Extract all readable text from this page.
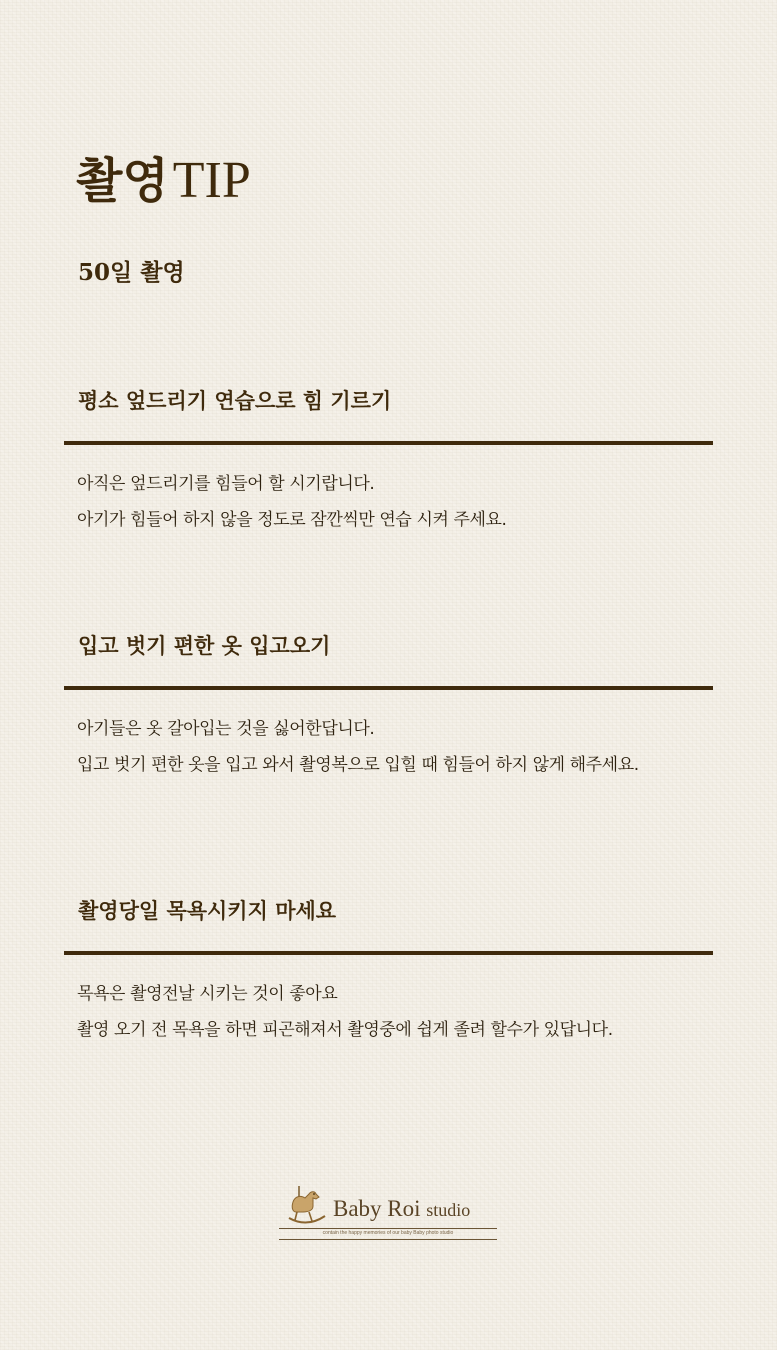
촬영TIP
50일 촬영
평소 엎드리기 연습으로 힘 기르기

아직은 엎드리기를 힘들어 할 시기랍니다.

아기가 힘들어 하지 않을 정도로 잠깐씩만 연습 시켜 주세요.

입고 벗기 편한 옷 입고오기

아기들은 옷 갈아입는 것을 싫어한답니다.

입고 벗기 편한 옷을 입고 와서 촬영복으로 입힐 때 힘들어 하지 않게 해주세요.

촬영당일 목욕시키지 마세요

목욕은 촬영전날 시키는 것이 좋아요

촬영 오기 전 목욕을 하면 피곤해져서 촬영중에 쉽게 졸려 할수가 있답니다.

Baby Roi studio

contain the happy memories of our baby Baby photo studio
